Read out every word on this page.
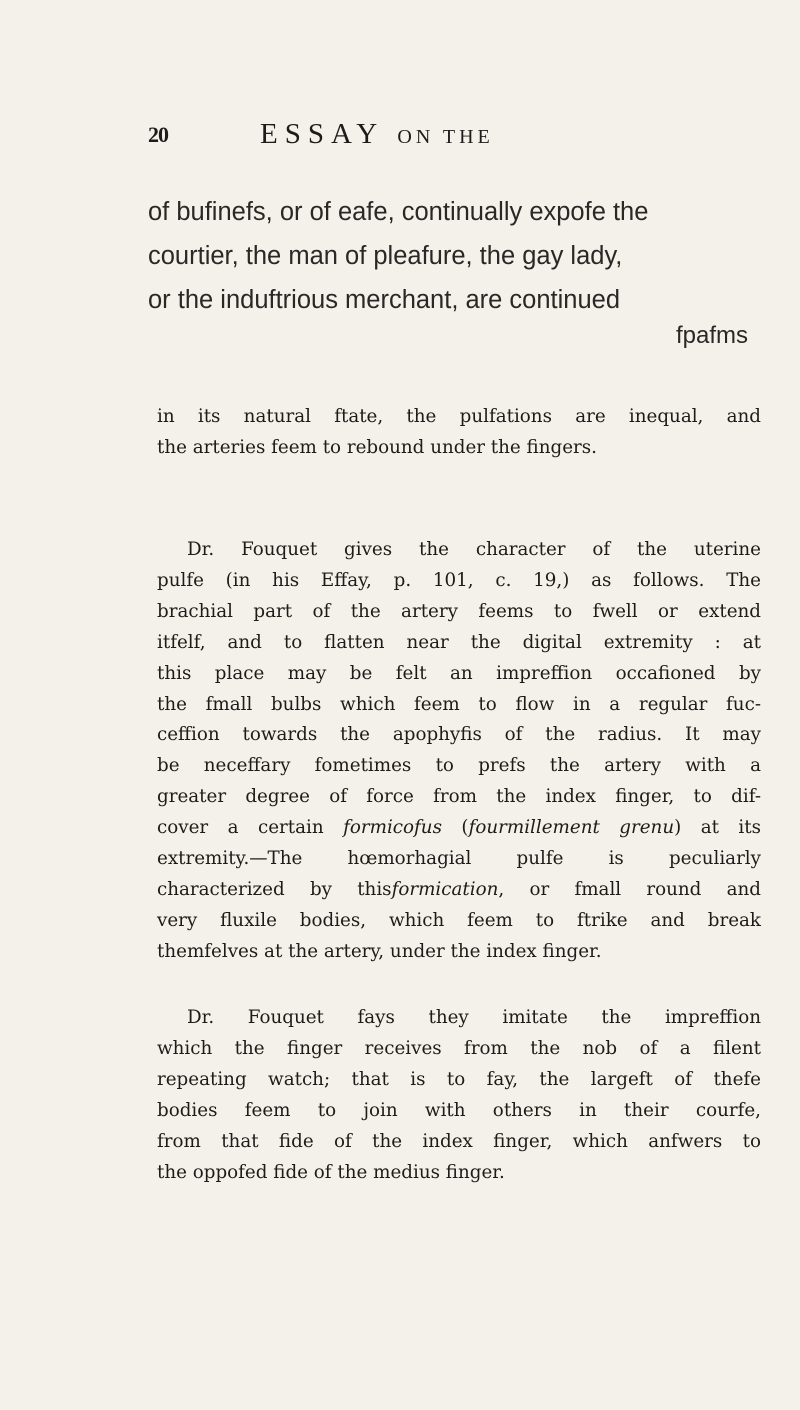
20	ESSAY ON THE
of bufinefs, or of eafe, continually expofe the
courtier, the man of pleafure, the gay lady,
or the induftrious merchant, are continued
fpafms
in its natural ftate, the pulfations are inequal, and
the arteries feem to rebound under the fingers.
Dr. Fouquet gives the character of the uterine
pulfe (in his Effay, p. 101, c. 19,) as follows. The
brachial part of the artery feems to fwell or extend
itfelf, and to flatten near the digital extremity : at
this place may be felt an impreffion occafioned by
the fmall bulbs which feem to flow in a regular fuc-
ceffion towards the apophyfis of the radius. It may
be neceffary fometimes to prefs the artery with a
greater degree of force from the index finger, to dif-
cover a certain formicofus (fourmillement grenu) at its
extremity.—The hœmorhagial pulfe is peculiarly
characterized by thisformication, or fmall round and
very fluxile bodies, which feem to ftrike and break
themfelves at the artery, under the index finger.
Dr. Fouquet fays they imitate the impreffion
which the finger receives from the nob of a filent
repeating watch; that is to fay, the largeft of thefe
bodies feem to join with others in their courfe,
from that fide of the index finger, which anfwers to
the oppofed fide of the medius finger.
